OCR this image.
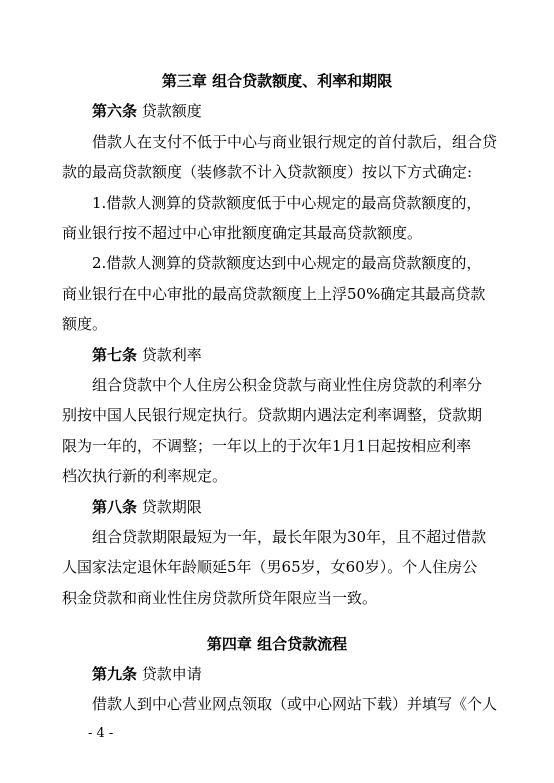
第三章 组合贷款额度、利率和期限
第六条 贷款额度
借款人在支付不低于中心与商业银行规定的首付款后，组合贷
款的最高贷款额度（装修款不计入贷款额度）按以下方式确定:
1.借款人测算的贷款额度低于中心规定的最高贷款额度的，
商业银行按不超过中心审批额度确定其最高贷款额度。
2.借款人测算的贷款额度达到中心规定的最高贷款额度的，
商业银行在中心审批的最高贷款额度上上浮50%确定其最高贷款
额度。
第七条 贷款利率
组合贷款中个人住房公积金贷款与商业性住房贷款的利率分
别按中国人民银行规定执行。贷款期内遇法定利率调整，贷款期
限为一年的，不调整；一年以上的于次年1月1日起按相应利率
档次执行新的利率规定。
第八条 贷款期限
组合贷款期限最短为一年，最长年限为30年，且不超过借款
人国家法定退休年龄顺延5年（男65岁，女60岁）。个人住房公
积金贷款和商业性住房贷款所贷年限应当一致。
第四章 组合贷款流程
第九条 贷款申请
借款人到中心营业网点领取（或中心网站下载）并填写《个人
- 4 -
